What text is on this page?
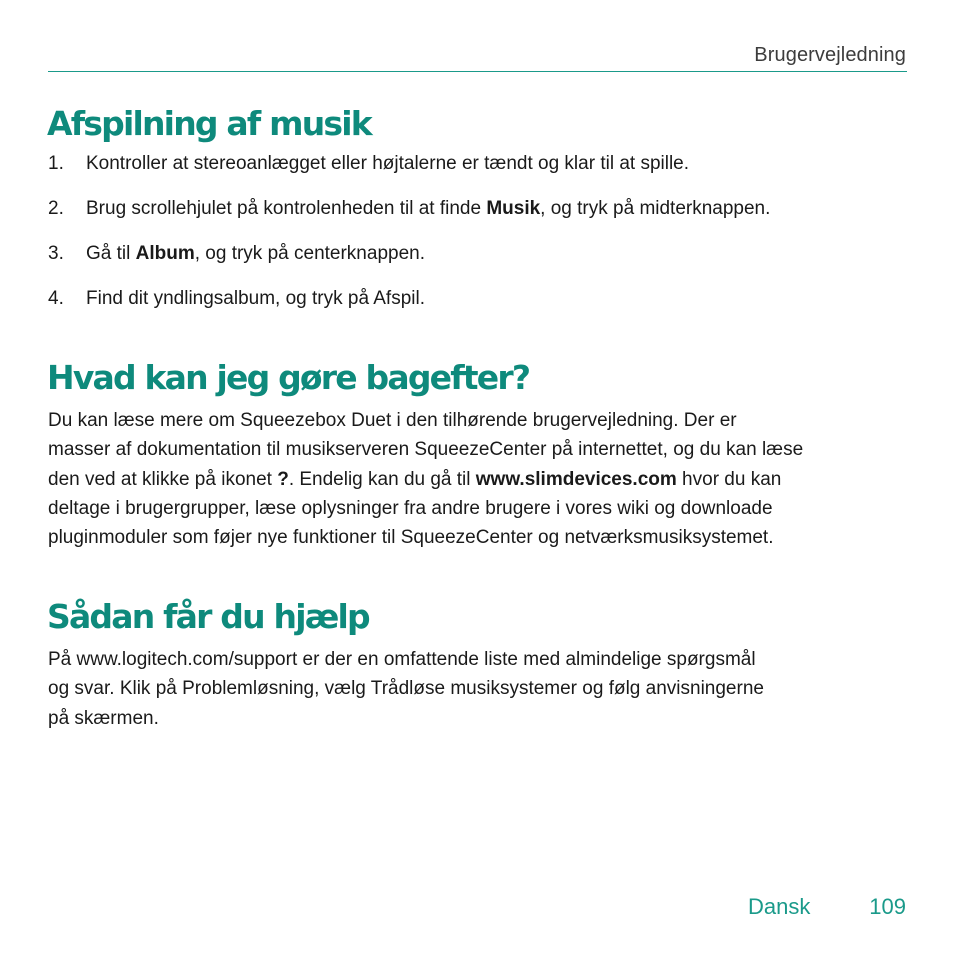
Brugervejledning
Afspilning af musik
1.	Kontroller at stereoanlægget eller højtalerne er tændt og klar til at spille.
2.	Brug scrollehjulet på kontrolenheden til at finde Musik, og tryk på midterknappen.
3.	Gå til Album, og tryk på centerknappen.
4.	Find dit yndlingsalbum, og tryk på Afspil.
Hvad kan jeg gøre bagefter?

Du kan læse mere om Squeezebox Duet i den tilhørende brugervejledning. Der er
masser af dokumentation til musikserveren SqueezeCenter på internettet, og du kan læse
den ved at klikke på ikonet ?. Endelig kan du gå til www.slimdevices.com hvor du kan
deltage i brugergrupper, læse oplysninger fra andre brugere i vores wiki og downloade
pluginmoduler som føjer nye funktioner til SqueezeCenter og netværksmusiksystemet.

Sådan får du hjælp

På www.logitech.com/support er der en omfattende liste med almindelige spørgsmål
og svar. Klik på Problemløsning, vælg Trådløse musiksystemer og følg anvisningerne
på skærmen.

Dansk	109
